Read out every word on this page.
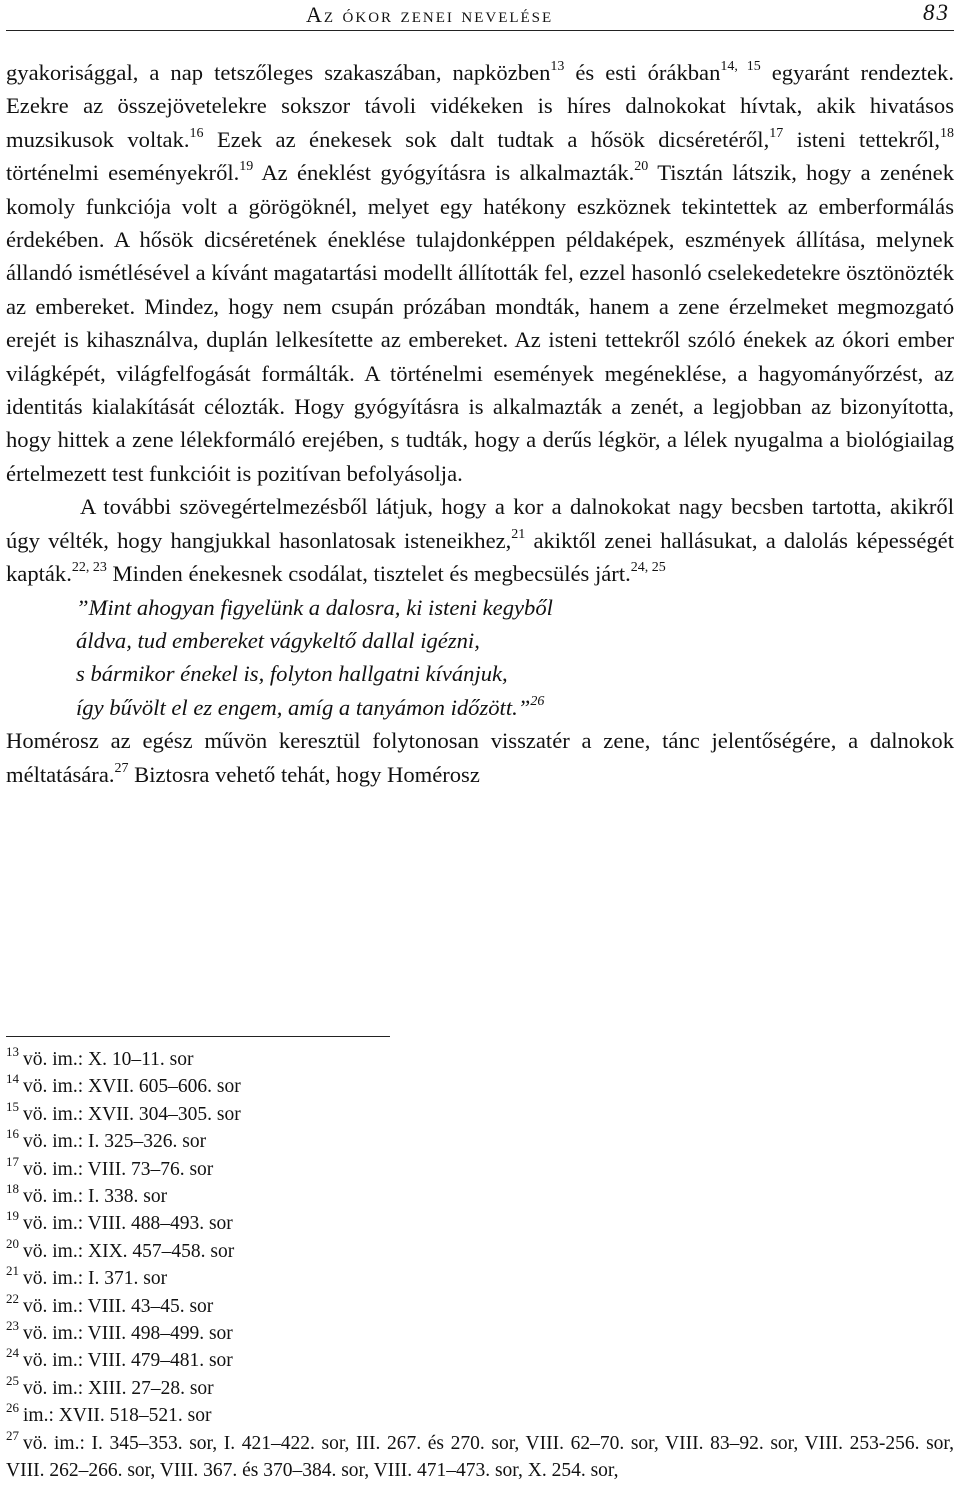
Az ókor zenei nevelése	83

gyakorisággal, a nap tetszőleges szakaszában, napközben$^{13}$ és esti órákban$^{14, 15}$ egyaránt rendeztek. Ezekre az összejövetelekre sokszor távoli vidékeken is híres dalnokokat hívtak, akik hivatásos muzsikusok voltak.$^{16}$ Ezek az énekesek sok dalt tudtak a hősök dicséretéről,$^{17}$ isteni tettekről,$^{18}$ történelmi eseményekről.$^{19}$ Az éneklést gyógyításra is alkalmazták.$^{20}$ Tisztán látszik, hogy a zenének komoly funkciója volt a görögöknél, melyet egy hatékony eszköznek tekintettek az emberformálás érdekében. A hősök dicséretének éneklése tulajdonképpen példaképek, eszmények állítása, melynek állandó ismétlésével a kívánt magatartási modellt állították fel, ezzel hasonló cselekedetekre ösztönözték az embereket. Mindez, hogy nem csupán prózában mondták, hanem a zene érzelmeket megmozgató erejét is kihasználva, duplán lelkesítette az embereket. Az isteni tettekről szóló énekek az ókori ember világképét, világfelfogását formálták. A történelmi események megéneklése, a hagyományőrzést, az identitás kialakítását célozták. Hogy gyógyításra is alkalmazták a zenét, a legjobban az bizonyította, hogy hittek a zene lélekformáló erejében, s tudták, hogy a derűs légkör, a lélek nyugalma a biológiailag értelmezett test funkcióit is pozitívan befolyásolja.

A további szövegértelmezésből látjuk, hogy a kor a dalnokokat nagy becsben tartotta, akikről úgy vélték, hogy hangjukkal hasonlatosak isteneikhez,$^{21}$ akiktől zenei hallásukat, a dalolás képességét kapták.$^{22, 23}$ Minden énekesnek csodálat, tisztelet és megbecsülés járt.$^{24, 25}$

”Mint ahogyan figyelünk a dalosra, ki isteni kegyből
áldva, tud embereket vágykeltő dallal igézni,
s bármikor énekel is, folyton hallgatni kívánjuk,
így bűvölt el ez engem, amíg a tanyámon időzött.”$^{26}$

Homérosz az egész művön keresztül folytonosan visszatér a zene, tánc jelentőségére, a dalnokok méltatására.$^{27}$ Biztosra vehető tehát, hogy Homérosz

$^{13}$ vö. im.: X. 10–11. sor
$^{14}$ vö. im.: XVII. 605–606. sor
$^{15}$ vö. im.: XVII. 304–305. sor
$^{16}$ vö. im.: I. 325–326. sor
$^{17}$ vö. im.: VIII. 73–76. sor
$^{18}$ vö. im.: I. 338. sor
$^{19}$ vö. im.: VIII. 488–493. sor
$^{20}$ vö. im.: XIX. 457–458. sor
$^{21}$ vö. im.: I. 371. sor
$^{22}$ vö. im.: VIII. 43–45. sor
$^{23}$ vö. im.: VIII. 498–499. sor
$^{24}$ vö. im.: VIII. 479–481. sor
$^{25}$ vö. im.: XIII. 27–28. sor
$^{26}$ im.: XVII. 518–521. sor
$^{27}$ vö. im.: I. 345–353. sor, I. 421–422. sor, III. 267. és 270. sor, VIII. 62–70. sor, VIII. 83–92. sor, VIII. 253-256. sor, VIII. 262–266. sor, VIII. 367. és 370–384. sor, VIII. 471–473. sor, X. 254. sor,
